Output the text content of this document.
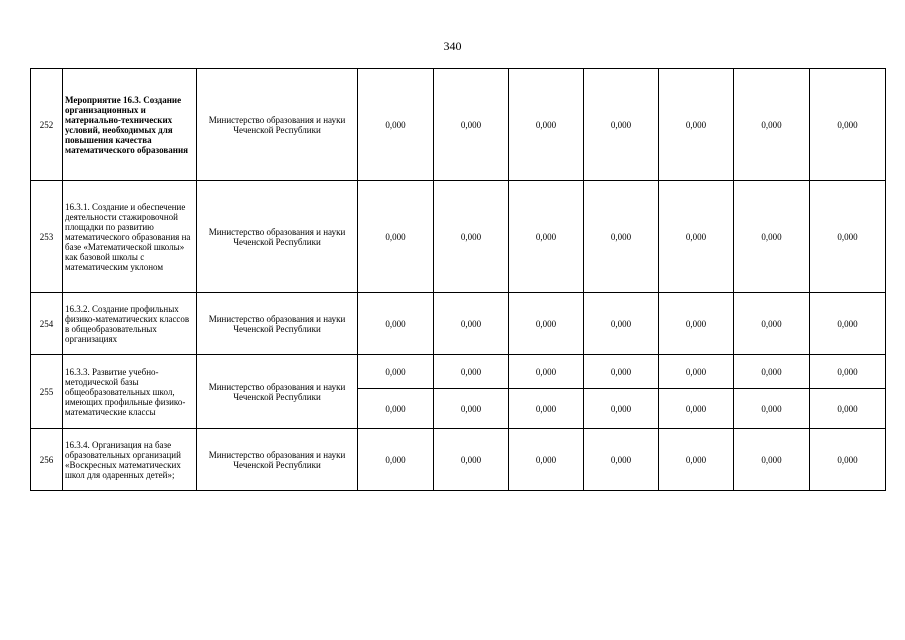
340
252	Мероприятие 16.3. Создание организационных и материально-технических условий, необходимых для повышения качества математического образования	Министерство образования и науки Чеченской Республики	0,000	0,000	0,000	0,000	0,000	0,000	0,000
253	16.3.1. Создание и обеспечение деятельности стажировочной площадки по развитию математического образования на базе «Математической школы» как базовой школы с математическим уклоном	Министерство образования и науки Чеченской Республики	0,000	0,000	0,000	0,000	0,000	0,000	0,000
254	16.3.2. Создание профильных физико-математических классов в общеобразовательных организациях	Министерство образования и науки Чеченской Республики	0,000	0,000	0,000	0,000	0,000	0,000	0,000
255	16.3.3. Развитие учебно-методической базы общеобразовательных школ, имеющих профильные физико-математические классы	Министерство образования и науки Чеченской Республики	0,000	0,000	0,000	0,000	0,000	0,000	0,000
			0,000	0,000	0,000	0,000	0,000	0,000	0,000
256	16.3.4. Организация на базе образовательных организаций «Воскресных математических школ для одаренных детей»;	Министерство образования и науки Чеченской Республики	0,000	0,000	0,000	0,000	0,000	0,000	0,000
